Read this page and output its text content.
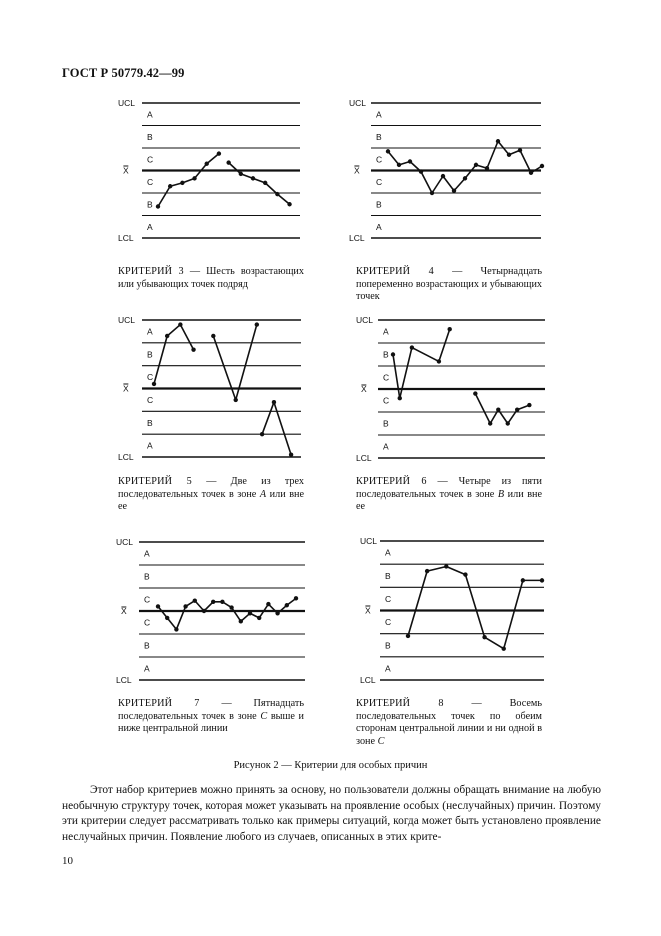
ГОСТ Р 50779.42—99
UCL
LCL
X̿
A
B
C
C
B
A
UCL
LCL
X̿
A
B
C
C
B
A
UCL
LCL
X̿
A
B
C
C
B
A
UCL
LCL
X̿
A
B
C
C
B
A
UCL
LCL
X̿
A
B
C
C
B
A
UCL
LCL
X̿
A
B
C
C
B
A
КРИТЕРИЙ 3 — Шесть возрастающих или убывающих точек подряд
КРИТЕРИЙ 4 — Четырнадцать попеременно возрастающих и убывающих точек
КРИТЕРИЙ 5 — Две из трех последовательных точек в зоне A или вне ее
КРИТЕРИЙ 6 — Четыре из пяти последовательных точек в зоне B или вне ее
КРИТЕРИЙ 7 — Пятнадцать последовательных точек в зоне C выше и ниже центральной линии
КРИТЕРИЙ 8 — Восемь последовательных точек по обеим сторонам центральной линии и ни одной в зоне C
Рисунок 2 — Критерии для особых причин
Этот набор критериев можно принять за основу, но пользователи должны обращать внимание на любую необычную структуру точек, которая может указывать на проявление особых (неслучайных) причин. Поэтому эти критерии следует рассматривать только как примеры ситуаций, когда может быть установлено проявление неслучайных причин. Появление любого из случаев, описанных в этих крите-
10
